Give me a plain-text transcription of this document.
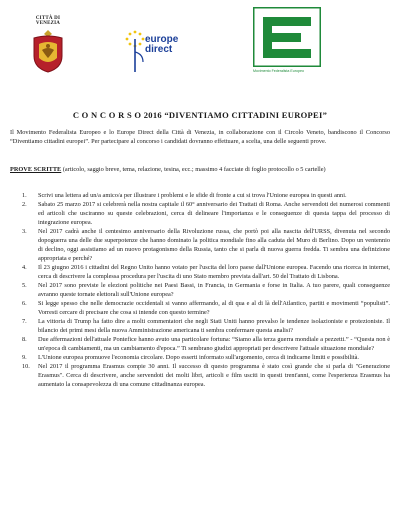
CITTÀ DI
VENEZIA
europe
direct
Movimento Federalista Europeo
C O N C O R S O 2016 “DIVENTIAMO CITTADINI EUROPEI”

Il Movimento Federalista Europeo e lo Europe Direct della Città di Venezia, in collaborazione con il Circolo Veneto, bandiscono il Concorso “Diventiamo cittadini europei”. Per partecipare al concorso i candidati dovranno effettuare, a scelta, una delle seguenti prove.

PROVE SCRITTE (articolo, saggio breve, tema, relazione, tesina, ecc.; massimo 4 facciate di foglio protocollo o 5 cartelle)

1. Scrivi una lettera ad un/a amico/a per illustrare i problemi e le sfide di fronte a cui si trova l'Unione europea in questi anni.
2. Sabato 25 marzo 2017 si celebrerà nella nostra capitale il 60° anniversario dei Trattati di Roma. Anche servendoti dei numerosi commenti ed articoli che usciranno su queste celebrazioni, cerca di delineare l'importanza e le conseguenze di questa tappa del processo di integrazione europea.
3. Nel 2017 cadrà anche il centesimo anniversario della Rivoluzione russa, che portò poi alla nascita dell'URSS, divenuta nel secondo dopoguerra una delle due superpotenze che hanno dominato la politica mondiale fino alla caduta del Muro di Berlino. Dopo un ventennio di declino, oggi assistiamo ad un nuovo protagonismo della Russia, tanto che si parla di nuova guerra fredda. Ti sembra una definizione appropriata e perché?
4. Il 23 giugno 2016 i cittadini del Regno Unito hanno votato per l'uscita del loro paese dall'Unione europea. Facendo una ricerca in internet, cerca di descrivere la complessa procedura per l'uscita di uno Stato membro prevista dall'art. 50 del Trattato di Lisbona.
5. Nel 2017 sono previste le elezioni politiche nei Paesi Bassi, in Francia, in Germania e forse in Italia. A tuo parere, quali conseguenze avranno queste tornate elettorali sull'Unione europea?
6. Si legge spesso che nelle democrazie occidentali si vanno affermando, al di qua e al di là dell'Atlantico, partiti e movimenti “populisti”. Vorresti cercare di precisare che cosa si intende con questo termine?
7. La vittoria di Trump ha fatto dire a molti commentatori che negli Stati Uniti hanno prevalso le tendenze isolazioniste e protezioniste. Il bilancio dei primi mesi della nuova Amministrazione americana ti sembra confermare questa analisi?
8. Due affermazioni dell'attuale Pontefice hanno avuto una particolare fortuna: “Siamo alla terza guerra mondiale a pezzetti.” - “Questa non è un'epoca di cambiamenti, ma un cambiamento d'epoca.” Ti sembrano giudizi appropriati per descrivere l'attuale situazione mondiale?
9. L'Unione europea promuove l'economia circolare. Dopo esserti informato sull'argomento, cerca di indicarne limiti e possibilità.
10. Nel 2017 il programma Erasmus compie 30 anni. Il successo di questo programma è stato così grande che si parla di "Generazione Erasmus". Cerca di descrivere, anche servendoti dei molti libri, articoli e film usciti in questi trent'anni, come l'esperienza Erasmus ha aumentato la consapevolezza di una comune cittadinanza europea.
